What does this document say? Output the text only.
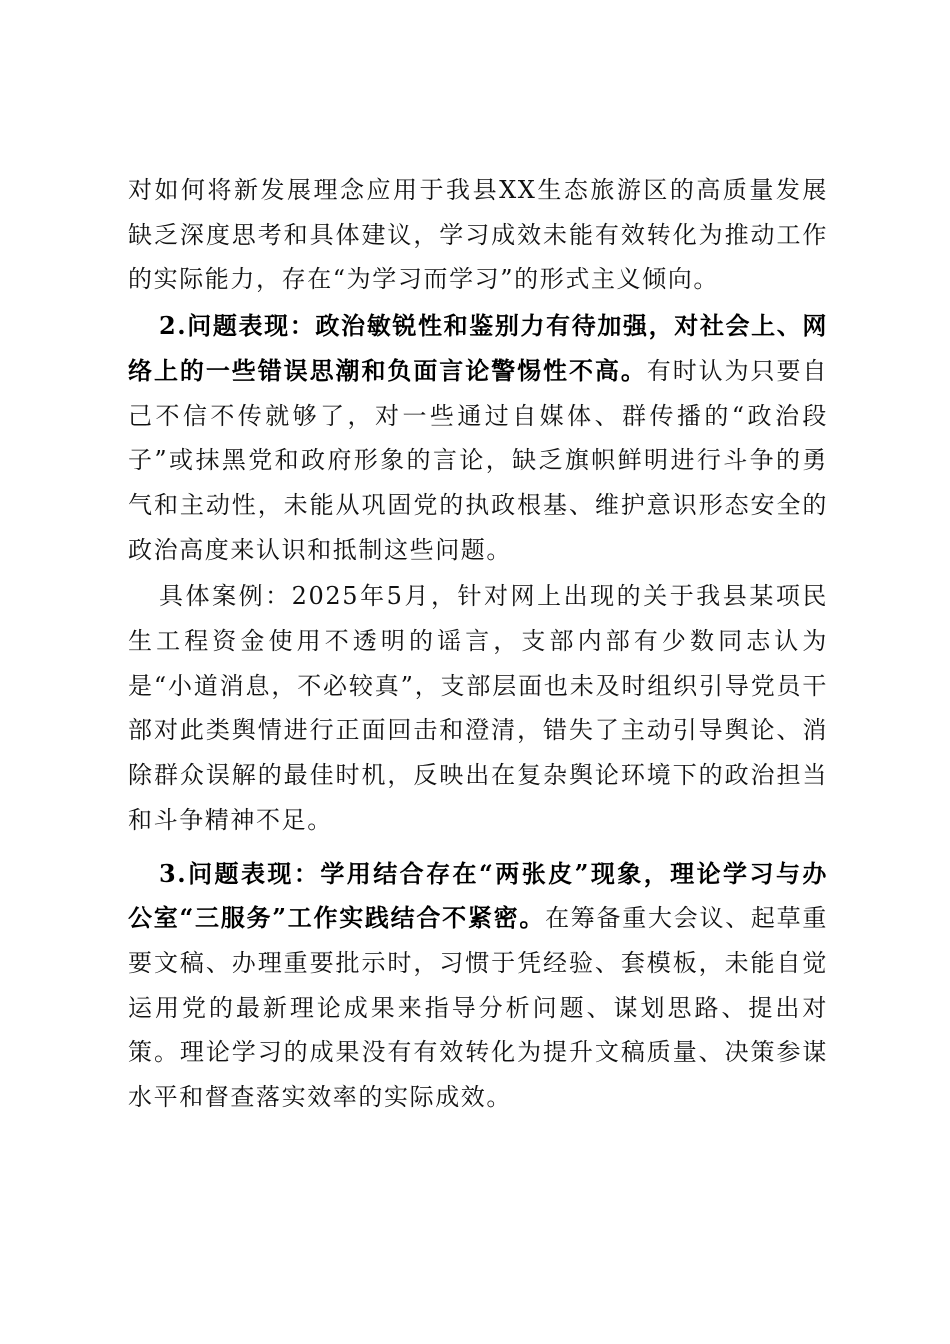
对如何将新发展理念应用于我县XX生态旅游区的高质量发展缺乏深度思考和具体建议，学习成效未能有效转化为推动工作的实际能力，存在“为学习而学习”的形式主义倾向。

2.问题表现：政治敏锐性和鉴别力有待加强，对社会上、网络上的一些错误思潮和负面言论警惕性不高。有时认为只要自己不信不传就够了，对一些通过自媒体、群传播的“政治段子”或抹黑党和政府形象的言论，缺乏旗帜鲜明进行斗争的勇气和主动性，未能从巩固党的执政根基、维护意识形态安全的政治高度来认识和抵制这些问题。

具体案例：2025年5月，针对网上出现的关于我县某项民生工程资金使用不透明的谣言，支部内部有少数同志认为是“小道消息，不必较真”，支部层面也未及时组织引导党员干部对此类舆情进行正面回击和澄清，错失了主动引导舆论、消除群众误解的最佳时机，反映出在复杂舆论环境下的政治担当和斗争精神不足。

3.问题表现：学用结合存在“两张皮”现象，理论学习与办公室“三服务”工作实践结合不紧密。在筹备重大会议、起草重要文稿、办理重要批示时，习惯于凭经验、套模板，未能自觉运用党的最新理论成果来指导分析问题、谋划思路、提出对策。理论学习的成果没有有效转化为提升文稿质量、决策参谋水平和督查落实效率的实际成效。
